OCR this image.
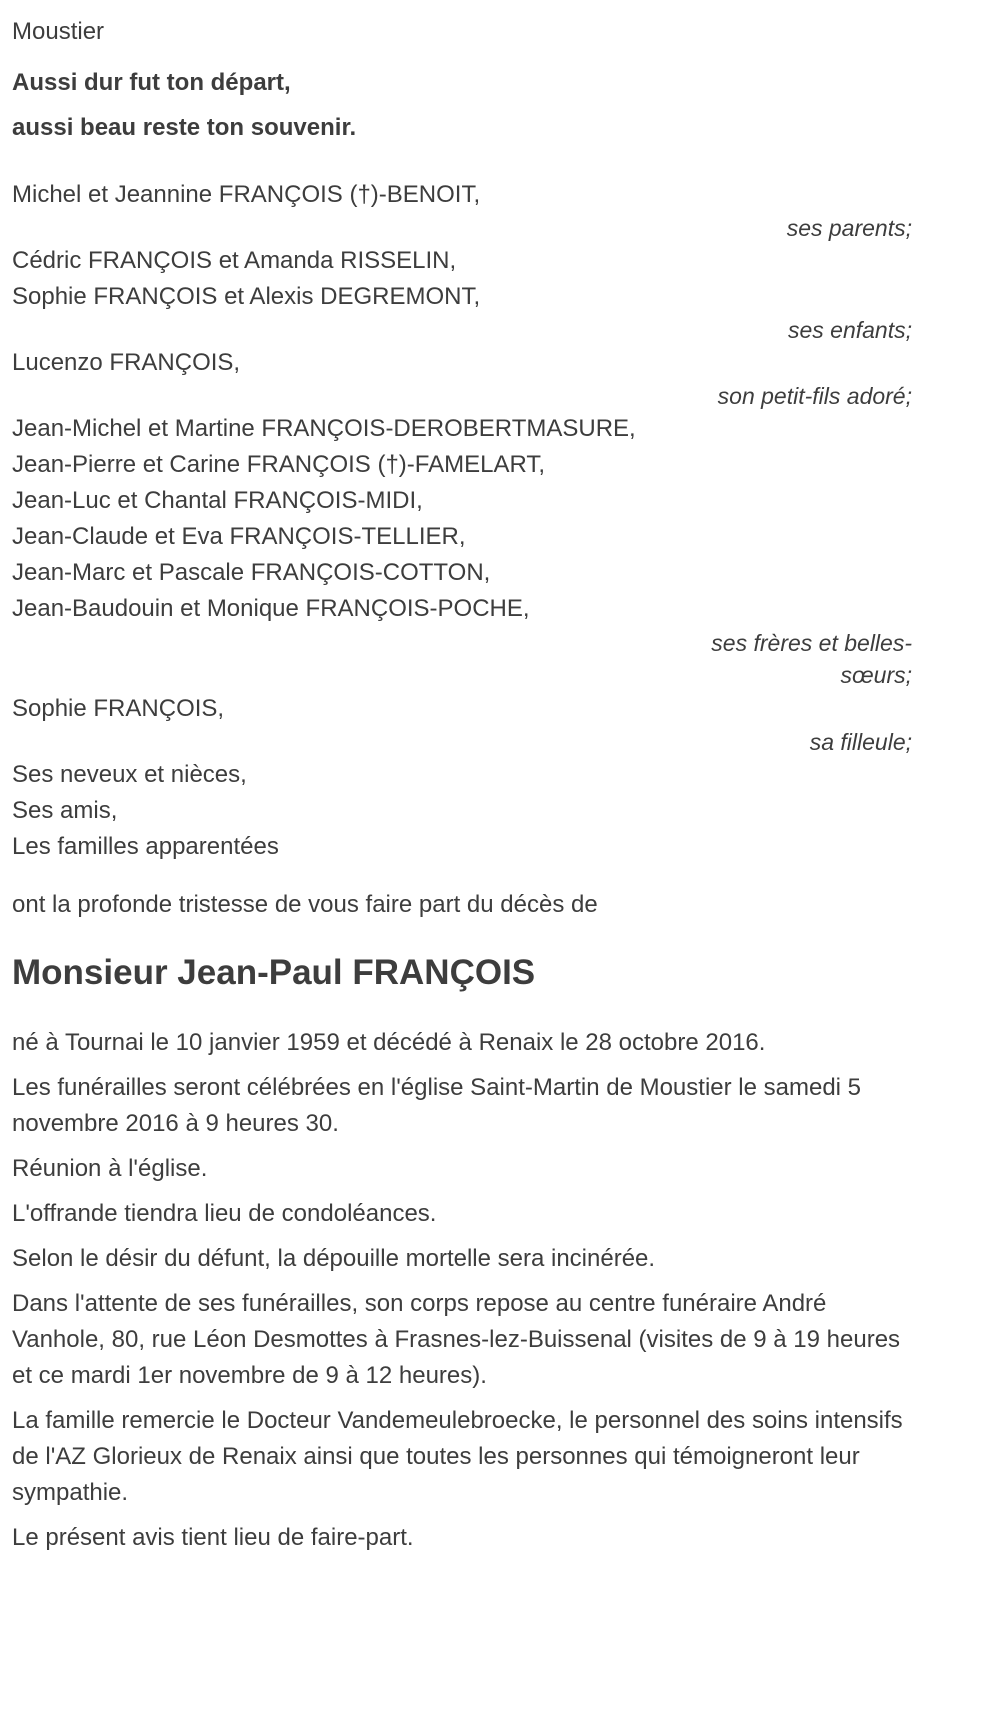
Moustier

Aussi dur fut ton départ,

aussi beau reste ton souvenir.

Michel et Jeannine FRANÇOIS (†)-BENOIT,

ses parents;

Cédric FRANÇOIS et Amanda RISSELIN,

Sophie FRANÇOIS et Alexis DEGREMONT,

ses enfants;

Lucenzo FRANÇOIS,

son petit-fils adoré;

Jean-Michel et Martine FRANÇOIS-DEROBERTMASURE,

Jean-Pierre et Carine FRANÇOIS (†)-FAMELART,

Jean-Luc et Chantal FRANÇOIS-MIDI,

Jean-Claude et Eva FRANÇOIS-TELLIER,

Jean-Marc et Pascale FRANÇOIS-COTTON,

Jean-Baudouin et Monique FRANÇOIS-POCHE,

ses frères et belles-sœurs;

Sophie FRANÇOIS,

sa filleule;

Ses neveux et nièces,

Ses amis,

Les familles apparentées

ont la profonde tristesse de vous faire part du décès de

Monsieur Jean-Paul FRANÇOIS

né à Tournai le 10 janvier 1959 et décédé à Renaix le 28 octobre 2016.

Les funérailles seront célébrées en l'église Saint-Martin de Moustier le samedi 5 novembre 2016 à 9 heures 30.

Réunion à l'église.

L'offrande tiendra lieu de condoléances.

Selon le désir du défunt, la dépouille mortelle sera incinérée.

Dans l'attente de ses funérailles, son corps repose au centre funéraire André Vanhole, 80, rue Léon Desmottes à Frasnes-lez-Buissenal (visites de 9 à 19 heures et ce mardi 1er novembre de 9 à 12 heures).

La famille remercie le Docteur Vandemeulebroecke, le personnel des soins intensifs de l'AZ Glorieux de Renaix ainsi que toutes les personnes qui témoigneront leur sympathie.

Le présent avis tient lieu de faire-part.
